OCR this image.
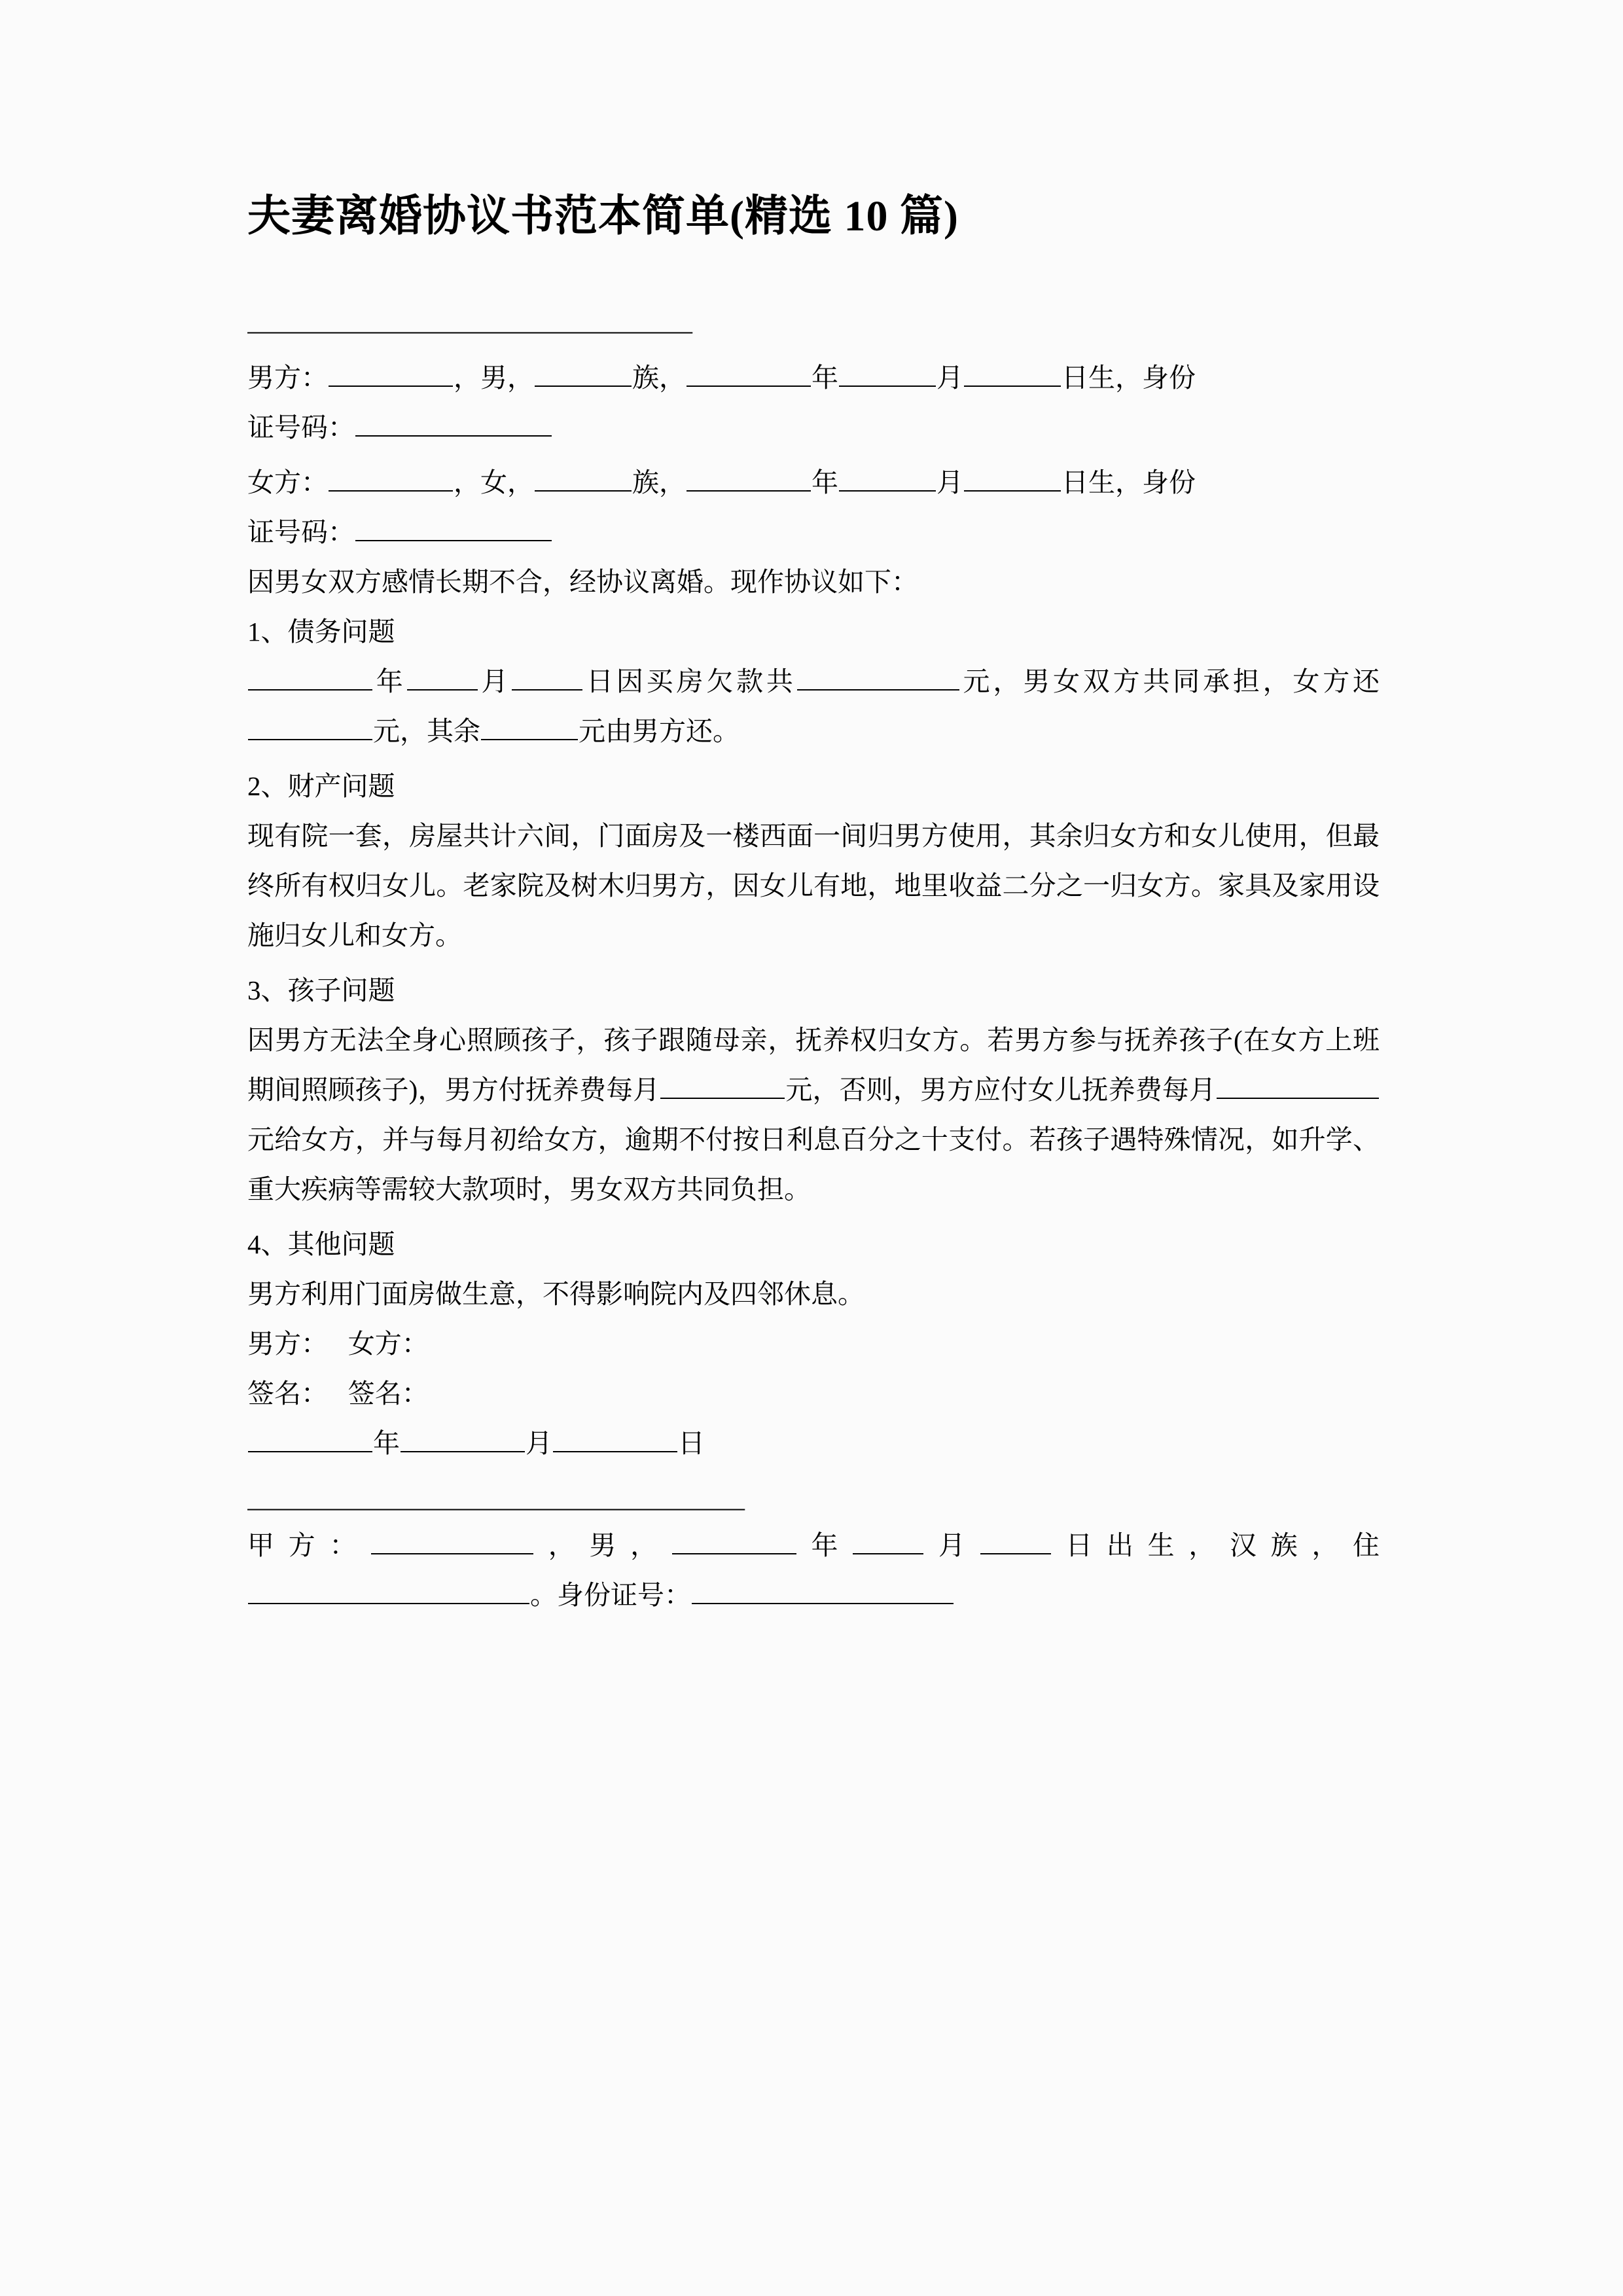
夫妻离婚协议书范本简单(精选 10 篇)
—————————————————

男方：	，男，	族，	年	月	日生，身份

证号码：

女方：	，女，	族，	年	月	日生，身份

证号码：

因男女双方感情长期不合，经协议离婚。现作协议如下：

1、债务问题

年	月	日因买房欠款共	元，男女双方共同承担，女方还元，其余	元由男方还。

2、财产问题

现有院一套，房屋共计六间，门面房及一楼西面一间归男方使用，其余归女方和女儿使用，但最终所有权归女儿。老家院及树木归男方，因女儿有地，地里收益二分之一归女方。家具及家用设施归女儿和女方。

3、孩子问题

因男方无法全身心照顾孩子，孩子跟随母亲，抚养权归女方。若男方参与抚养孩子(在女方上班期间照顾孩子)，男方付抚养费每月	元，否则，男方应付女儿抚养费每月元给女方，并与每月初给女方，逾期不付按日利息百分之十支付。若孩子遇特殊情况，如升学、重大疾病等需较大款项时，男女双方共同负担。

4、其他问题

男方利用门面房做生意，不得影响院内及四邻休息。

男方：   女方：

签名：   签名：

年	月	日

———————————————————

甲方：	，男，	年	月	日出生，汉族，住

。身份证号：
